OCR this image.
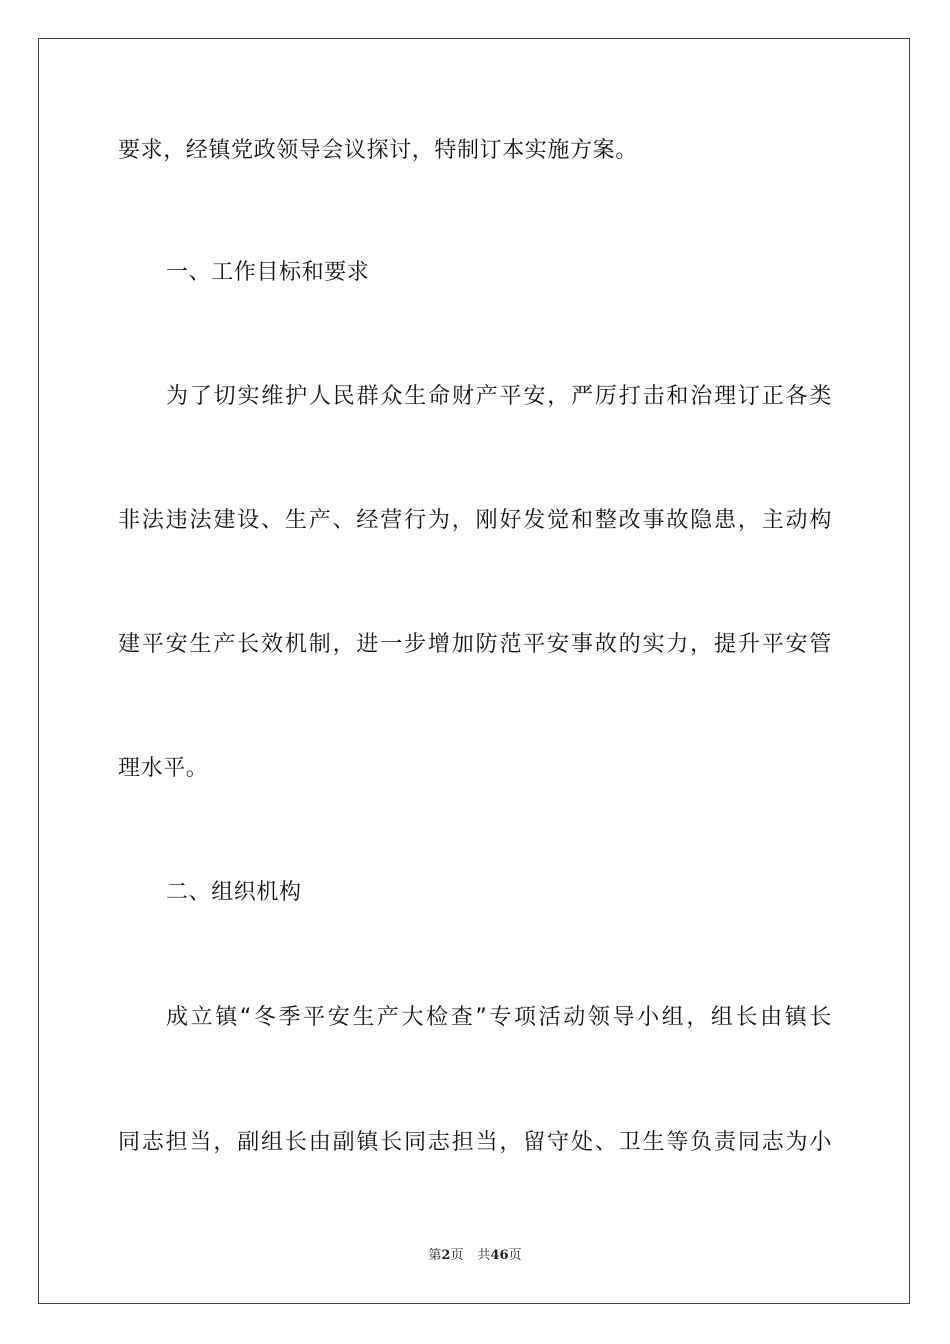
要求，经镇党政领导会议探讨，特制订本实施方案。
一、工作目标和要求
为了切实维护人民群众生命财产平安，严厉打击和治理订正各类
非法违法建设、生产、经营行为，刚好发觉和整改事故隐患，主动构
建平安生产长效机制，进一步增加防范平安事故的实力，提升平安管
理水平。
二、组织机构
成立镇“冬季平安生产大检查”专项活动领导小组，组长由镇长
同志担当，副组长由副镇长同志担当，留守处、卫生等负责同志为小
第2页 共46页
